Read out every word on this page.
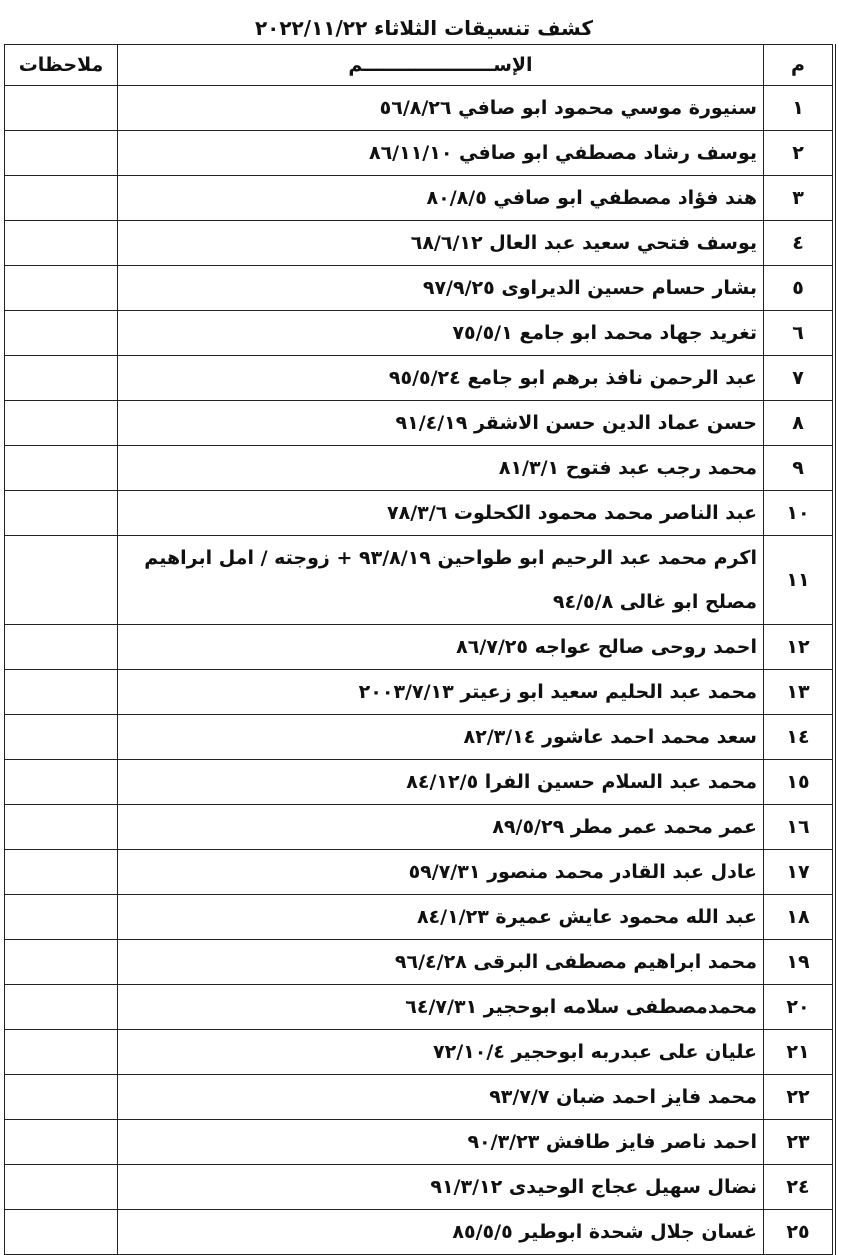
كشف تنسيقات الثلاثاء ٢٠٢٢/١١/٢٢
م	الإســــــــــــــــــــم	ملاحظات
١	سنيورة موسي محمود ابو صافي ٥٦/٨/٢٦	
٢	يوسف رشاد مصطفي ابو صافي ٨٦/١١/١٠	
٣	هند فؤاد مصطفي ابو صافي ٨٠/٨/٥	
٤	يوسف فتحي سعيد عبد العال ٦٨/٦/١٢	
٥	بشار حسام حسين الديراوى ٩٧/٩/٢٥	
٦	تغريد جهاد محمد ابو جامع ٧٥/٥/١	
٧	عبد الرحمن نافذ برهم ابو جامع ٩٥/٥/٢٤	
٨	حسن عماد الدين حسن الاشقر ٩١/٤/١٩	
٩	محمد رجب عبد فتوح ٨١/٣/١	
١٠	عبد الناصر محمد محمود الكحلوت ٧٨/٣/٦	
١١	اكرم محمد عبد الرحيم ابو طواحين ٩٣/٨/١٩ + زوجته / امل ابراهيم مصلح ابو غالى ٩٤/٥/٨	
١٢	احمد روحى صالح عواجه ٨٦/٧/٢٥	
١٣	محمد عبد الحليم سعيد ابو زعيتر ٢٠٠٣/٧/١٣	
١٤	سعد محمد احمد عاشور ٨٢/٣/١٤	
١٥	محمد عبد السلام حسين الفرا ٨٤/١٢/٥	
١٦	عمر محمد عمر مطر ٨٩/٥/٢٩	
١٧	عادل عبد القادر محمد منصور ٥٩/٧/٣١	
١٨	عبد الله محمود عايش عميرة ٨٤/١/٢٣	
١٩	محمد ابراهيم مصطفى البرقى ٩٦/٤/٢٨	
٢٠	محمدمصطفى سلامه ابوحجير ٦٤/٧/٣١	
٢١	عليان على عبدربه ابوحجير ٧٢/١٠/٤	
٢٢	محمد فايز احمد ضبان ٩٣/٧/٧	
٢٣	احمد ناصر فايز طافش ٩٠/٣/٢٣	
٢٤	نضال سهيل عجاج الوحيدى ٩١/٣/١٢	
٢٥	غسان جلال شحدة ابوطير ٨٥/٥/٥	
